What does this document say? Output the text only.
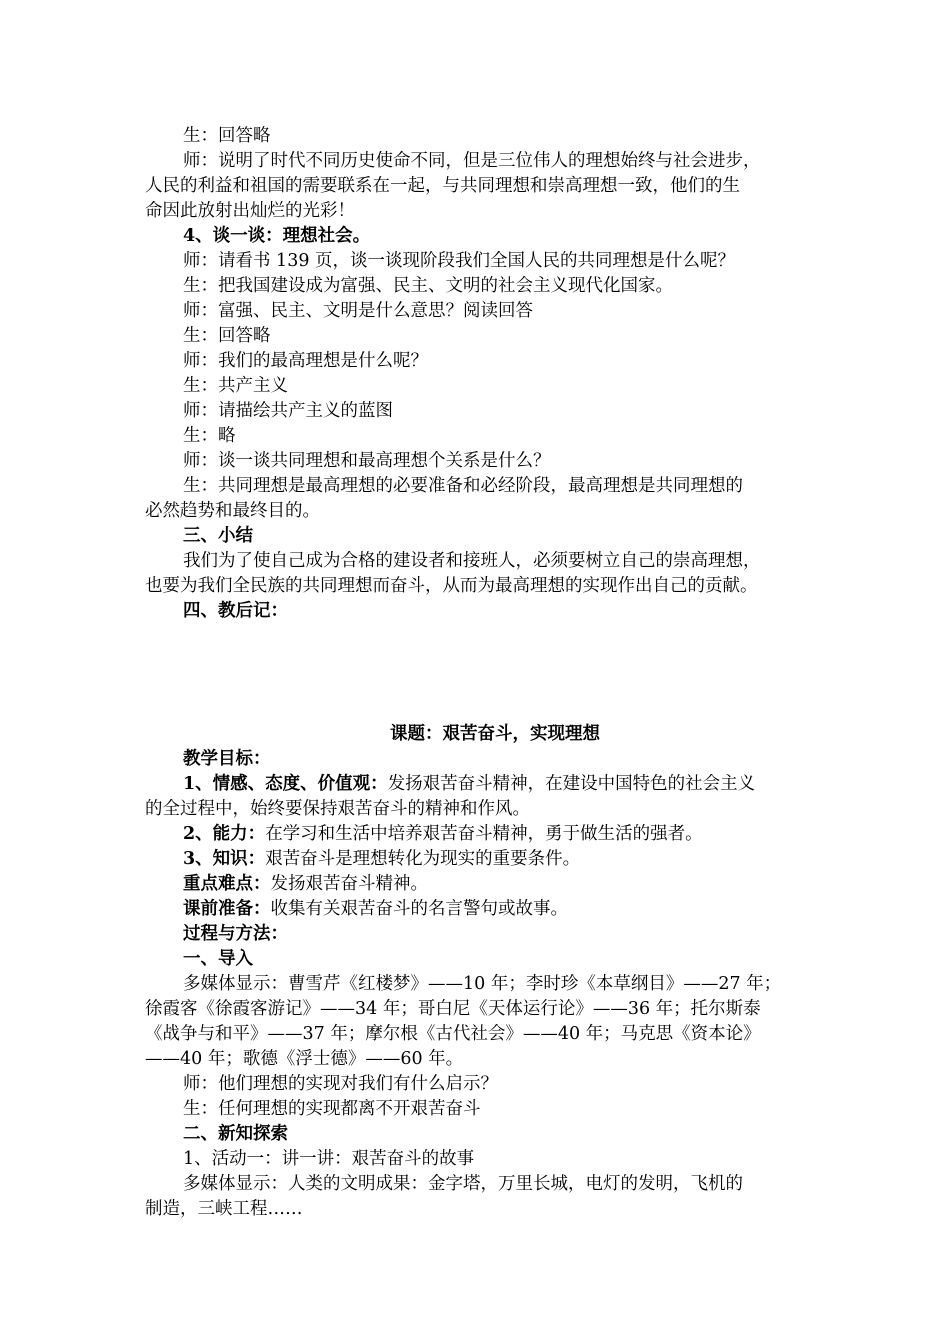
生：回答略
师：说明了时代不同历史使命不同，但是三位伟人的理想始终与社会进步，
人民的利益和祖国的需要联系在一起，与共同理想和崇高理想一致，他们的生
命因此放射出灿烂的光彩！
4、谈一谈：理想社会。
师：请看书 139 页，谈一谈现阶段我们全国人民的共同理想是什么呢？
生：把我国建设成为富强、民主、文明的社会主义现代化国家。
师：富强、民主、文明是什么意思？阅读回答
生：回答略
师：我们的最高理想是什么呢？
生：共产主义
师：请描绘共产主义的蓝图
生：略
师：谈一谈共同理想和最高理想个关系是什么？
生：共同理想是最高理想的必要准备和必经阶段，最高理想是共同理想的
必然趋势和最终目的。
三、小结
我们为了使自己成为合格的建设者和接班人，必须要树立自己的崇高理想，
也要为我们全民族的共同理想而奋斗，从而为最高理想的实现作出自己的贡献。
四、教后记：
课题：艰苦奋斗，实现理想
教学目标：
1、情感、态度、价值观：发扬艰苦奋斗精神，在建设中国特色的社会主义
的全过程中，始终要保持艰苦奋斗的精神和作风。
2、能力：在学习和生活中培养艰苦奋斗精神，勇于做生活的强者。
3、知识：艰苦奋斗是理想转化为现实的重要条件。
重点难点：发扬艰苦奋斗精神。
课前准备：收集有关艰苦奋斗的名言警句或故事。
过程与方法：
一、导入
多媒体显示：曹雪芹《红楼梦》——10 年；李时珍《本草纲目》——27 年；
徐霞客《徐霞客游记》——34 年；哥白尼《天体运行论》——36 年；托尔斯泰
《战争与和平》——37 年；摩尔根《古代社会》——40 年；马克思《资本论》
——40 年；歌德《浮士德》——60 年。
师：他们理想的实现对我们有什么启示？
生：任何理想的实现都离不开艰苦奋斗
二、新知探索
1、活动一：讲一讲：艰苦奋斗的故事
多媒体显示：人类的文明成果：金字塔，万里长城，电灯的发明，飞机的
制造，三峡工程……
